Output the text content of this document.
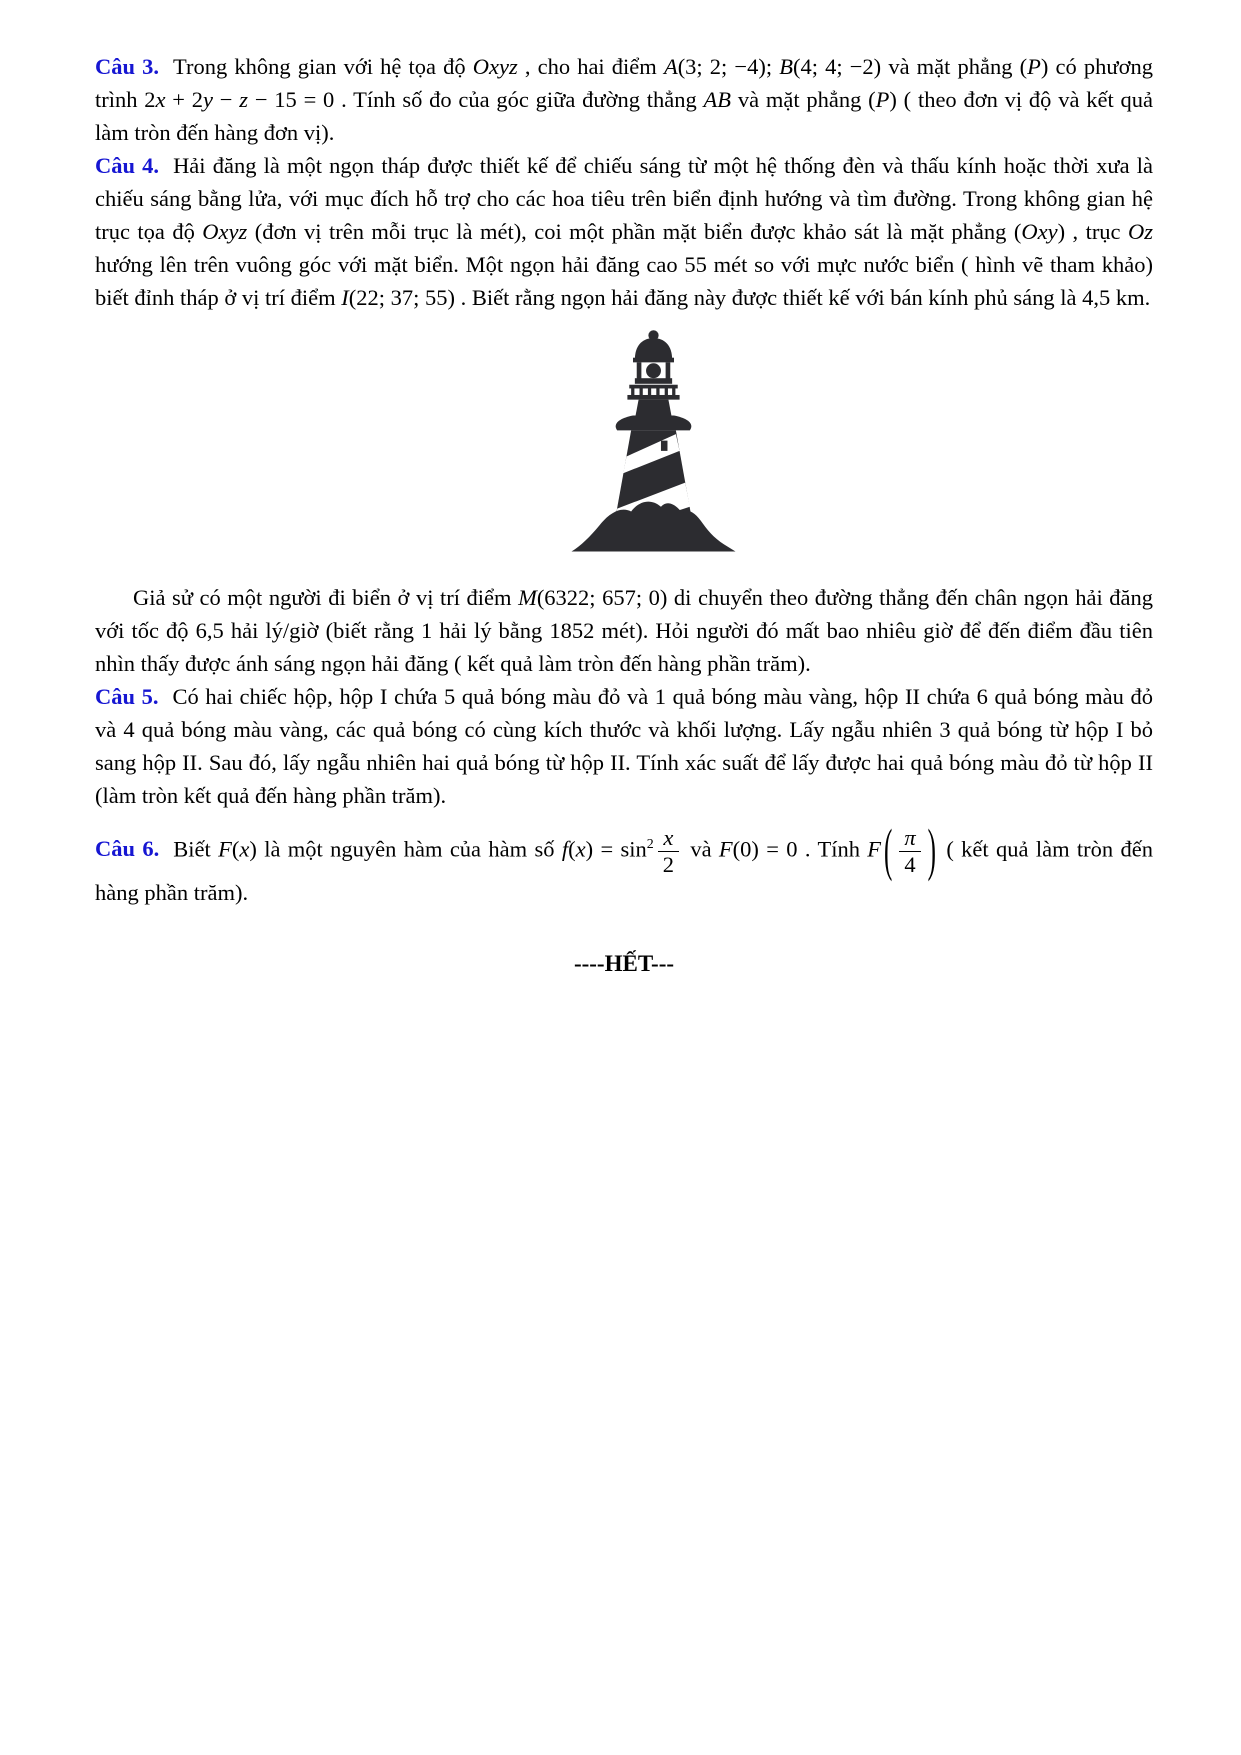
Câu 3. Trong không gian với hệ tọa độ Oxyz , cho hai điểm A(3; 2; −4); B(4; 4; −2) và mặt phẳng (P) có phương trình 2x + 2y − z − 15 = 0 . Tính số đo của góc giữa đường thẳng AB và mặt phẳng (P) ( theo đơn vị độ và kết quả làm tròn đến hàng đơn vị).

Câu 4. Hải đăng là một ngọn tháp được thiết kế để chiếu sáng từ một hệ thống đèn và thấu kính hoặc thời xưa là chiếu sáng bằng lửa, với mục đích hỗ trợ cho các hoa tiêu trên biển định hướng và tìm đường. Trong không gian hệ trục tọa độ Oxyz (đơn vị trên mỗi trục là mét), coi một phần mặt biển được khảo sát là mặt phẳng (Oxy) , trục Oz hướng lên trên vuông góc với mặt biển. Một ngọn hải đăng cao 55 mét so với mực nước biển ( hình vẽ tham khảo) biết đỉnh tháp ở vị trí điểm I(22; 37; 55) . Biết rằng ngọn hải đăng này được thiết kế với bán kính phủ sáng là 4,5 km.

Giả sử có một người đi biển ở vị trí điểm M(6322; 657; 0) di chuyển theo đường thẳng đến chân ngọn hải đăng với tốc độ 6,5 hải lý/giờ (biết rằng 1 hải lý bằng 1852 mét). Hỏi người đó mất bao nhiêu giờ để đến điểm đầu tiên nhìn thấy được ánh sáng ngọn hải đăng ( kết quả làm tròn đến hàng phần trăm).

Câu 5. Có hai chiếc hộp, hộp I chứa 5 quả bóng màu đỏ và 1 quả bóng màu vàng, hộp II chứa 6 quả bóng màu đỏ và 4 quả bóng màu vàng, các quả bóng có cùng kích thước và khối lượng. Lấy ngẫu nhiên 3 quả bóng từ hộp I bỏ sang hộp II. Sau đó, lấy ngẫu nhiên hai quả bóng từ hộp II. Tính xác suất để lấy được hai quả bóng màu đỏ từ hộp II (làm tròn kết quả đến hàng phần trăm).

Câu 6. Biết F(x) là một nguyên hàm của hàm số $f(x) = \sin^2 \frac{x}{2}$ và F(0) = 0 . Tính F ( $\frac{\pi}{4}$ ) ( kết quả làm tròn đến hàng phần trăm).

----HẾT---
